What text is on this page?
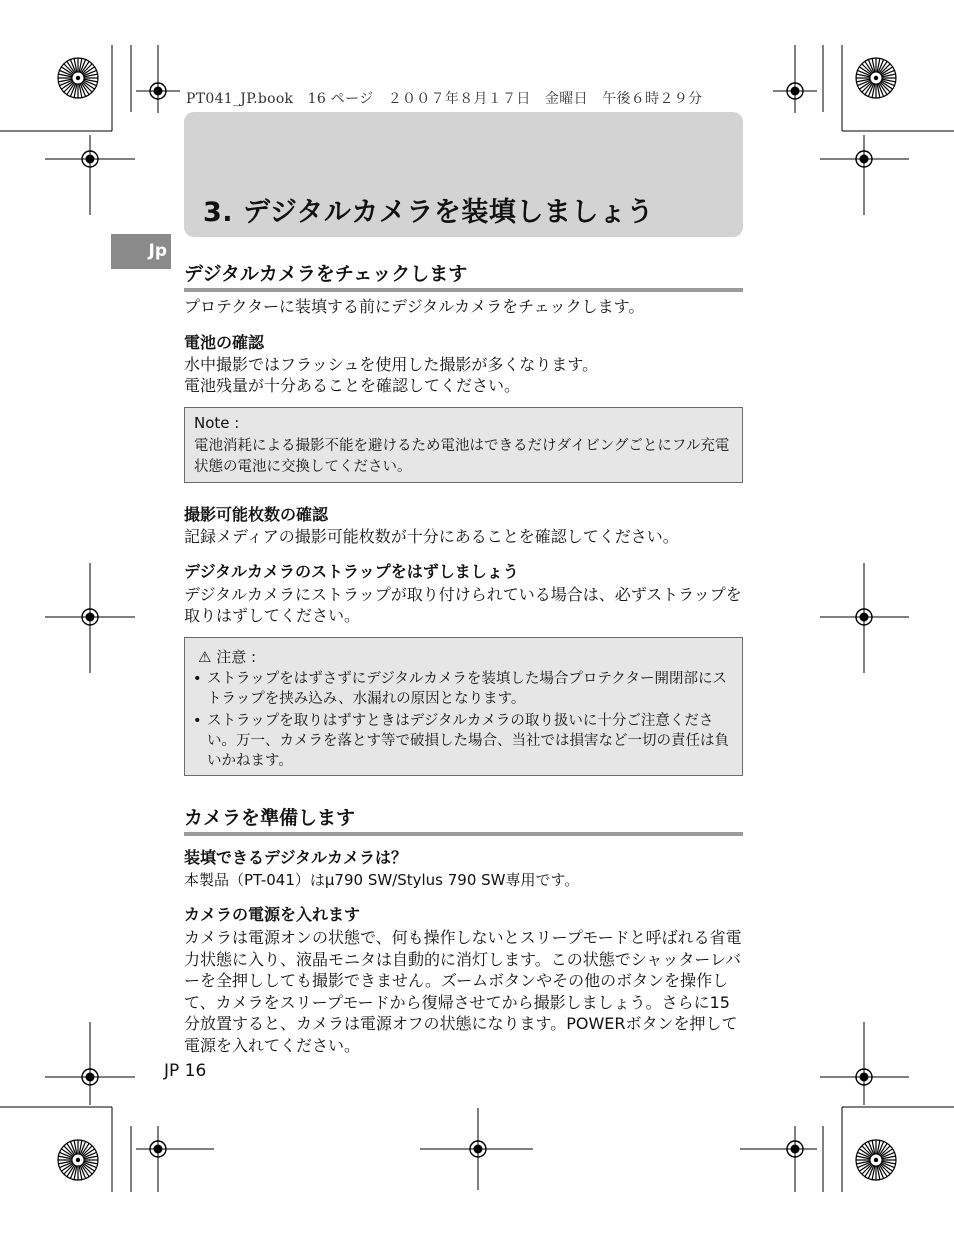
PT041_JP.book　16 ページ　２００７年８月１７日　金曜日　午後６時２９分
3. デジタルカメラを装填しましょう
Jp
デジタルカメラをチェックします
プロテクターに装填する前にデジタルカメラをチェックします。
電池の確認
水中撮影ではフラッシュを使用した撮影が多くなります。
電池残量が十分あることを確認してください。
Note :
電池消耗による撮影不能を避けるため電池はできるだけダイビングごとにフル充電状態の電池に交換してください。
撮影可能枚数の確認
記録メディアの撮影可能枚数が十分にあることを確認してください。
デジタルカメラのストラップをはずしましょう
デジタルカメラにストラップが取り付けられている場合は、必ずストラップを取りはずしてください。
⚠ 注意 :
• ストラップをはずさずにデジタルカメラを装填した場合プロテクター開閉部にストラップを挟み込み、水漏れの原因となります。
• ストラップを取りはずすときはデジタルカメラの取り扱いに十分ご注意ください。万一、カメラを落とす等で破損した場合、当社では損害など一切の責任は負いかねます。
カメラを準備します
装填できるデジタルカメラは？
本製品（PT-041）はμ790 SW/Stylus 790 SW専用です。
カメラの電源を入れます
カメラは電源オンの状態で、何も操作しないとスリープモードと呼ばれる省電力状態に入り、液晶モニタは自動的に消灯します。この状態でシャッターレバーを全押ししても撮影できません。ズームボタンやその他のボタンを操作して、カメラをスリープモードから復帰させてから撮影しましょう。さらに15分放置すると、カメラは電源オフの状態になります。POWERボタンを押して電源を入れてください。
JP 16
